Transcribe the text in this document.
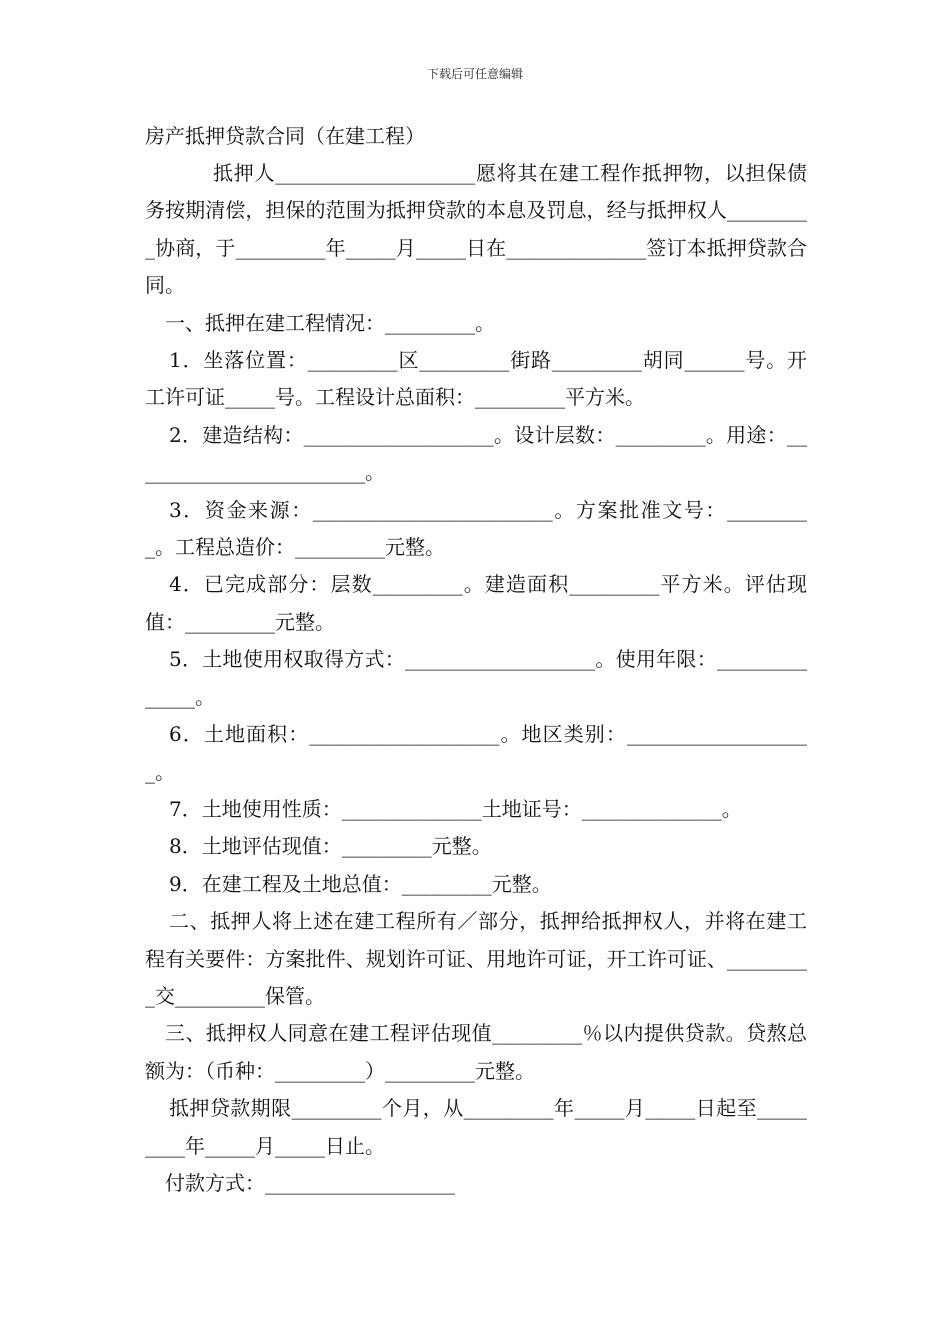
下载后可任意编辑
房产抵押贷款合同（在建工程）
抵押人____________________愿将其在建工程作抵押物，以担保债务按期清偿，担保的范围为抵押贷款的本息及罚息，经与抵押权人_________协商，于_________年_____月_____日在______________签订本抵押贷款合同。
一、抵押在建工程情况：_________。
1．坐落位置：_________区_________街路_________胡同______号。开工许可证_____号。工程设计总面积：_________平方米。
2．建造结构：___________________。设计层数：_________。用途：________________________。
3．资金来源：________________________。方案批准文号：_________。工程总造价：_________元整。
4．已完成部分：层数_________。建造面积_________平方米。评估现值：_________元整。
5．土地使用权取得方式：___________________。使用年限：______________。
6．土地面积：___________________。地区类别：___________________。
7．土地使用性质：______________土地证号：______________。
8．土地评估现值：_________元整。
9．在建工程及土地总值：_________元整。
二、抵押人将上述在建工程所有／部分，抵押给抵押权人，并将在建工程有关要件：方案批件、规划许可证、用地许可证，开工许可证、_________交_________保管。
三、抵押权人同意在建工程评估现值_________％以内提供贷款。贷熬总额为：（币种：_________）_________元整。
抵押贷款期限_________个月，从_________年_____月_____日起至_________年_____月_____日止。
付款方式：___________________
